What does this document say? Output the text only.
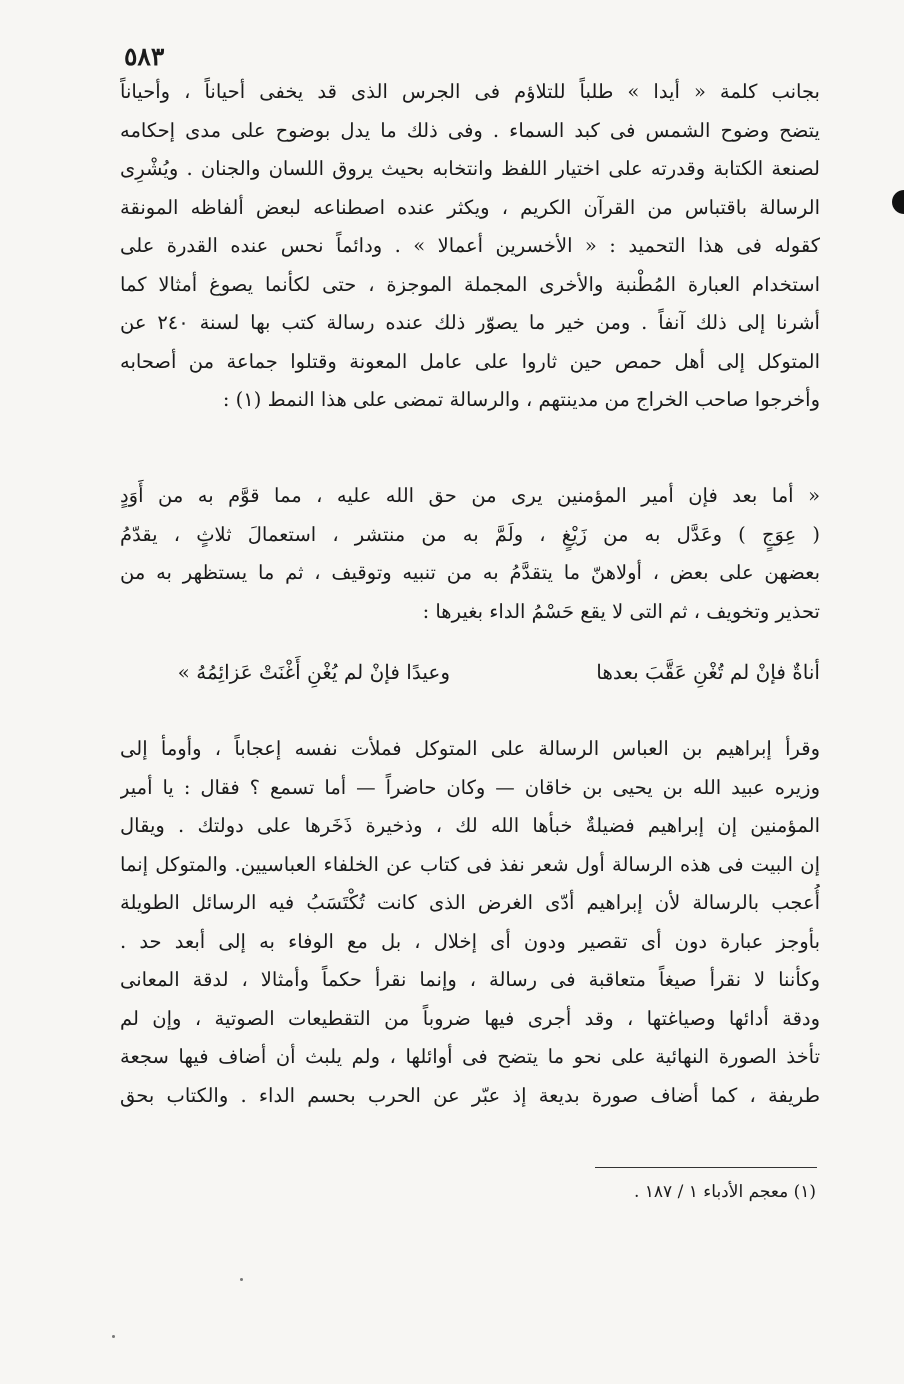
٥٨٣
بجانب كلمة « أيدا » طلباً للتلاؤم فى الجرس الذى قد يخفى أحياناً ، وأحياناً
يتضح وضوح الشمس فى كبد السماء . وفى ذلك ما يدل بوضوح على مدى إحكامه
لصنعة الكتابة وقدرته على اختيار اللفظ وانتخابه بحيث يروق اللسان والجنان . ويُشْرِى
الرسالة باقتباس من القرآن الكريم ، ويكثر عنده اصطناعه لبعض ألفاظه المونقة
كقوله فى هذا التحميد : « الأخسرين أعمالا » . ودائماً نحس عنده القدرة على
استخدام العبارة المُطْنبة والأخرى المجملة الموجزة ، حتى لكأنما يصوغ أمثالا كما
أشرنا إلى ذلك آنفاً . ومن خير ما يصوّر ذلك عنده رسالة كتب بها لسنة ٢٤٠ عن
المتوكل إلى أهل حمص حين ثاروا على عامل المعونة وقتلوا جماعة من أصحابه
وأخرجوا صاحب الخراج من مدينتهم ، والرسالة تمضى على هذا النمط (١) :
« أما بعد فإن أمير المؤمنين يرى من حق الله عليه ، مما قوَّم به من أَوَدٍ
( عِوَجٍ ) وعَدَّل به من زَيْغٍ ، ولَمَّ به من منتشر ، استعمالَ ثلاثٍ ، يقدّمُ
بعضهن على بعض ، أولاهنّ ما يتقدَّمُ به من تنبيه وتوقيف ، ثم ما يستظهر به من
تحذير وتخويف ، ثم التى لا يقع حَسْمُ الداء بغيرها :
أناةٌ فإنْ لم تُغْنِ عَقَّبَ بعدها
وعيدًا فإنْ لم يُغْنِ أَغْنَتْ عَزائِمُهُ »
وقرأ إبراهيم بن العباس الرسالة على المتوكل فملأت نفسه إعجاباً ، وأومأ إلى
وزيره عبيد الله بن يحيى بن خاقان — وكان حاضراً — أما تسمع ؟ فقال : يا أمير
المؤمنين إن إبراهيم فضيلةٌ خبأها الله لك ، وذخيرة ذَخَرها على دولتك . ويقال
إن البيت فى هذه الرسالة أول شعر نفذ فى كتاب عن الخلفاء العباسيين. والمتوكل إنما
أُعجب بالرسالة لأن إبراهيم أدّى الغرض الذى كانت تُكْتَسَبُ فيه الرسائل الطويلة
بأوجز عبارة دون أى تقصير ودون أى إخلال ، بل مع الوفاء به إلى أبعد حد .
وكأننا لا نقرأ صيغاً متعاقبة فى رسالة ، وإنما نقرأ حكماً وأمثالا ، لدقة المعانى
ودقة أدائها وصياغتها ، وقد أجرى فيها ضروباً من التقطيعات الصوتية ، وإن لم
تأخذ الصورة النهائية على نحو ما يتضح فى أوائلها ، ولم يلبث أن أضاف فيها سجعة
طريفة ، كما أضاف صورة بديعة إذ عبّر عن الحرب بحسم الداء . والكتاب بحق
(١) معجم الأدباء ١ / ١٨٧ .
